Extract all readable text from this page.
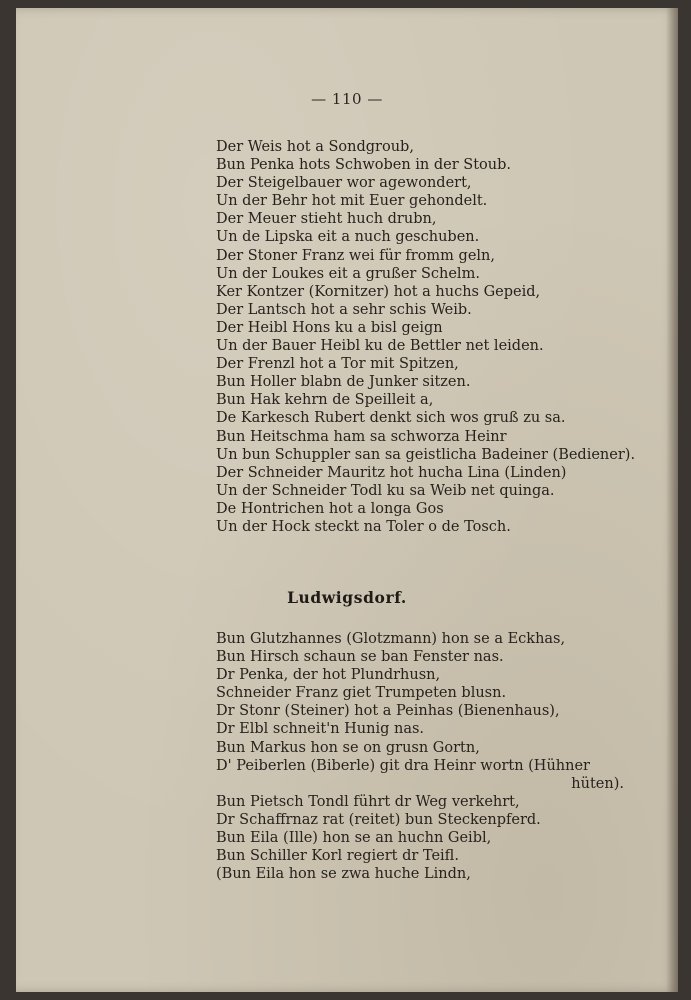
— 110 —
Der Weis hot a Sondgroub,
Bun Penka hots Schwoben in der Stoub.
Der Steigelbauer wor agewondert,
Un der Behr hot mit Euer gehondelt.
Der Meuer stieht huch drubn,
Un de Lipska eit a nuch geschuben.
Der Stoner Franz wei für fromm geln,
Un der Loukes eit a grußer Schelm.
Ker Kontzer (Kornitzer) hot a huchs Gepeid,
Der Lantsch hot a sehr schis Weib.
Der Heibl Hons ku a bisl geign
Un der Bauer Heibl ku de Bettler net leiden.
Der Frenzl hot a Tor mit Spitzen,
Bun Holler blabn de Junker sitzen.
Bun Hak kehrn de Speilleit a,
De Karkesch Rubert denkt sich wos gruß zu sa.
Bun Heitschma ham sa schworza Heinr
Un bun Schuppler san sa geistlicha Badeiner (Bediener).
Der Schneider Mauritz hot hucha Lina (Linden)
Un der Schneider Todl ku sa Weib net quinga.
De Hontrichen hot a longa Gos
Un der Hock steckt na Toler o de Tosch.
Ludwigsdorf.
Bun Glutzhannes (Glotzmann) hon se a Eckhas,
Bun Hirsch schaun se ban Fenster nas.
Dr Penka, der hot Plundrhusn,
Schneider Franz giet Trumpeten blusn.
Dr Stonr (Steiner) hot a Peinhas (Bienenhaus),
Dr Elbl schneit'n Hunig nas.
Bun Markus hon se on grusn Gortn,
D' Peiberlen (Biberle) git dra Heinr wortn (Hühner
hüten).
Bun Pietsch Tondl führt dr Weg verkehrt,
Dr Schaffrnaz rat (reitet) bun Steckenpferd.
Bun Eila (Ille) hon se an huchn Geibl,
Bun Schiller Korl regiert dr Teifl.
(Bun Eila hon se zwa huche Lindn,
